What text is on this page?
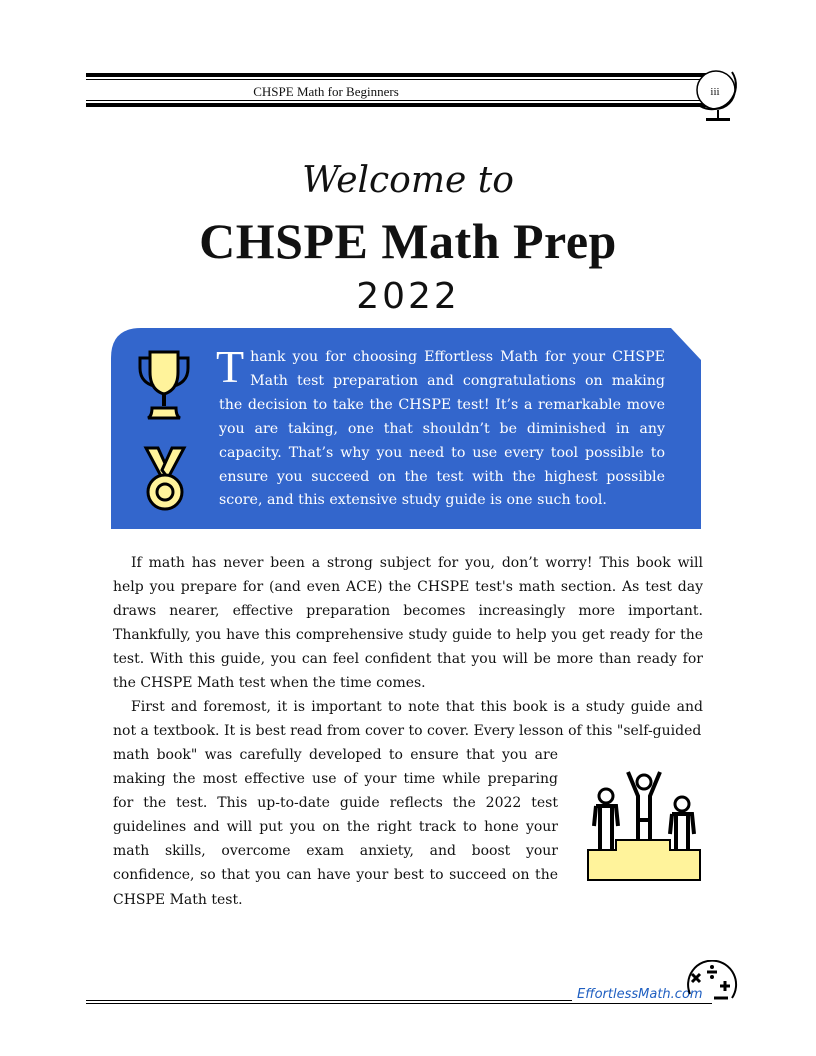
CHSPE Math for Beginners	iii
Welcome to
CHSPE Math Prep
2022
Thank you for choosing Effortless Math for your CHSPE Math test preparation and congratulations on making the decision to take the CHSPE test! It’s a remarkable move you are taking, one that shouldn’t be diminished in any capacity. That’s why you need to use every tool possible to ensure you succeed on the test with the highest possible score, and this extensive study guide is one such tool.

If math has never been a strong subject for you, don’t worry! This book will help you prepare for (and even ACE) the CHSPE test's math section. As test day draws nearer, effective preparation becomes increasingly more important. Thankfully, you have this comprehensive study guide to help you get ready for the test. With this guide, you can feel confident that you will be more than ready for the CHSPE Math test when the time comes.

First and foremost, it is important to note that this book is a study guide and not a textbook. It is best read from cover to cover. Every lesson of this "self-guided

math book" was carefully developed to ensure that you are making the most effective use of your time while preparing for the test. This up-to-date guide reflects the 2022 test guidelines and will put you on the right track to hone your math skills, overcome exam anxiety, and boost your confidence, so that you can have your best to succeed on the CHSPE Math test.

EffortlessMath.com
